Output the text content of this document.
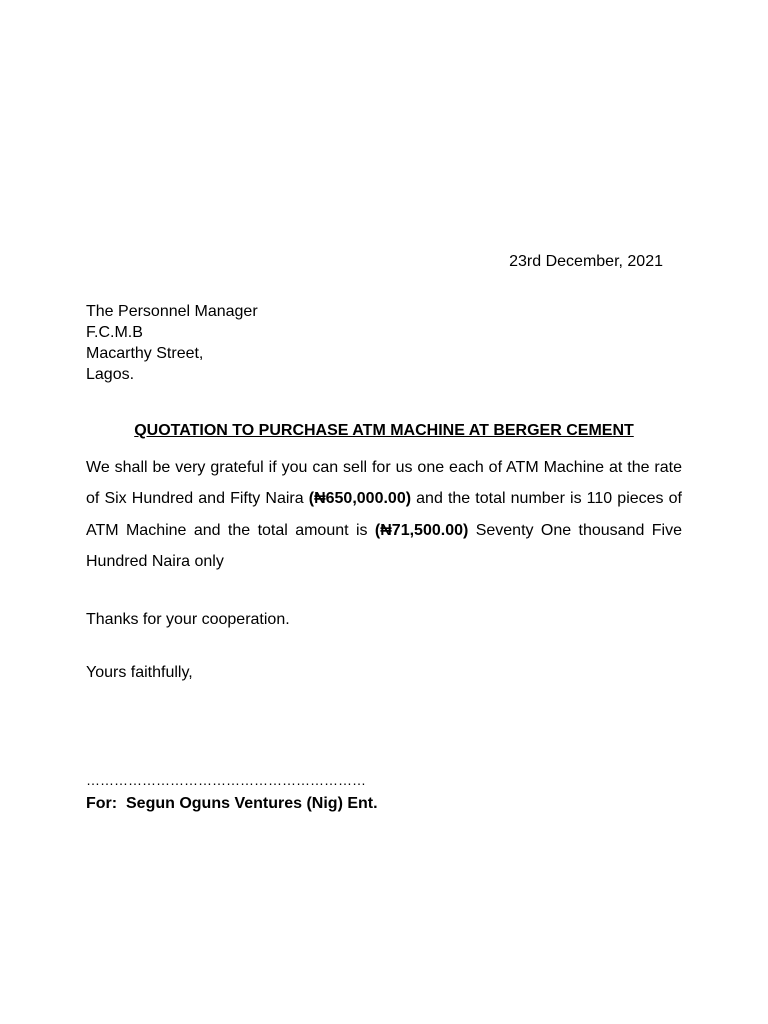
23rd December, 2021
The Personnel Manager
F.C.M.B
Macarthy Street,
Lagos.
QUOTATION TO PURCHASE ATM MACHINE AT BERGER CEMENT
We shall be very grateful if you can sell for us one each of ATM Machine at the rate of Six Hundred and Fifty Naira (₦650,000.00) and the total number is 110 pieces of ATM Machine and the total amount is (₦71,500.00) Seventy One thousand Five Hundred Naira only
Thanks for your cooperation.
Yours faithfully,
……………………………………………………
For:  Segun Oguns Ventures (Nig) Ent.
